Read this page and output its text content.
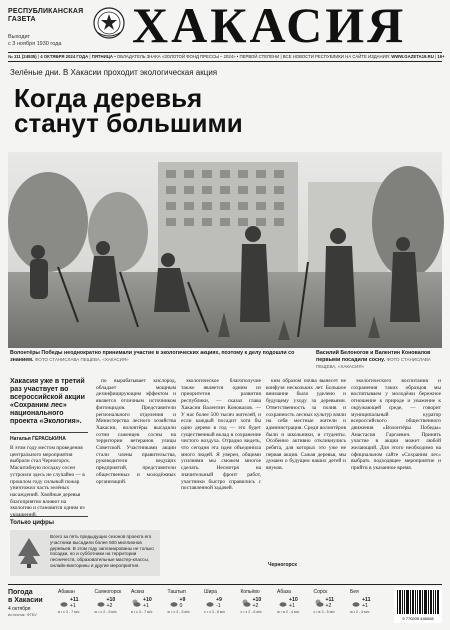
РЕСПУБЛИКАНСКАЯ
ГАЗЕТА
Выходит
с 3 ноября 1930 года	ХАКАСИЯ
№ 111 (24935) | 4 ОКТЯБРЯ 2024 ГОДА | ПЯТНИЦА • ОБЛАДАТЕЛЬ ЗНАКА «ЗОЛОТОЙ ФОНД ПРЕССЫ – 2024» • ПЕРВОЙ СТЕПЕНИ | ВСЕ НОВОСТИ РЕСПУБЛИКИ НА САЙТЕ ИЗДАНИЯ: WWW.GAZETA19.RU | 16+
Зелёные дни. В Хакасии проходит экологическая акция
Когда деревья
станут большими
Волонтёры Победы неоднократно принимали участие в экологических акциях, поэтому к делу подошли со знанием. ФОТО СТАНИСЛАВА ПЕЩЕВА, «ХАКАСИЯ»
Василий Белоногов и Валентин Коновалов первыми посадили сосну. ФОТО СТАНИСЛАВА ПЕЩЕВА, «ХАКАСИЯ»
Хакасия уже в третий раз участвует во всероссийской акции «Сохраним лес» национального проекта «Экология».
Наталья ГЕРАСЬКИНА
В этом году местом проведения центрального мероприятия выбрали стал Черногорск. Масштабную посадку сосен устроили здесь не случайно — в прошлом году сильный пожар уничтожил часть зелёных насаждений. Хвойные деревья благоприятно влияют на экологию и становятся одним из украшений.
Только цифры
Всего за пять предыдущих сезонов проекта его участники высадили более 500 миллионов деревьев. В этом году запланированы не только посадки, но и субботники на территории лесничеств, образовательные мастер-классы, онлайн-викторины и другие мероприятия.

по вырабатывает кислород, обладает мощным дезинфицирующим эффектом и является отличным источником фитонцидов. Представители регионального отделения и Министерства лесного хозяйства Хакасии, волонтёры высадили сотни саженцев сосны на территории ветеранов улицы Советской. Участниками акции стали члены правительства, руководители ведущих предприятий, представители общественных и молодёжных организаций.

экологическое благополучие также является одним из приоритетов развития республики, — сказал глава Хакасии Валентин Коновалов. — У нас более 500 тысяч жителей, и если каждый посадит хотя бы одно дерево в год — это будет существенный вклад в сохранение чистого воздуха. Отрадно видеть, что сегодня эта идея объединила много людей. Я уверен, общими усилиями мы сможем многое сделать. Несмотря на значительный фронт работ, участники быстро справились с поставленной задачей.

ким образом почва вынесет не конфузя нескольких лет. Большое внимание было уделено и будущему уходу за деревьями. Ответственность за полив и сохранность лесных культур взяли на себя местные жители и администрация. Среди волонтёров были и школьники, и студенты. Особенно активно откликнулись ребята, для которых это уже не первая акция. Сажая деревья, мы думаем о будущем наших детей и внуков.

экологического воспитания и сохранения таких образцов мы воспитываем у молодёжи бережное отношение к природе и уважение к окружающей среде, — говорит муниципальный куратор всероссийского общественного движения «Волонтёры Победы» Анастасия Гаргаевич. Принять участие в акции может любой желающий. Для этого необходимо на официальном сайте «Сохраним лес» выбрать подходящее мероприятие и прийти в указанное время.

Черногорск
Погода
в Хакасии
4 октября
источник: ФГБУ
Абакан
+11
+1
в • с 3 - 7 м/с
Саяногорск
+10
+2
ю • с 2 - 5 м/с
Аскиз
+10
+1
в • с 3 - 7 м/с
Таштып
+9
0
ю • с 3 - 5 м/с
Шира
+9
-1
с • з 3 - 8 м/с
Копьёво
+10
+2
с • з 2 - 6 м/с
Абаза
+10
+1
ю • в 2 - 4 м/с
Сорск
+11
+2
с • в 3 - 5 м/с
Бея
+11
+1
ю • 2 - 4 м/с
9 770205 446008
